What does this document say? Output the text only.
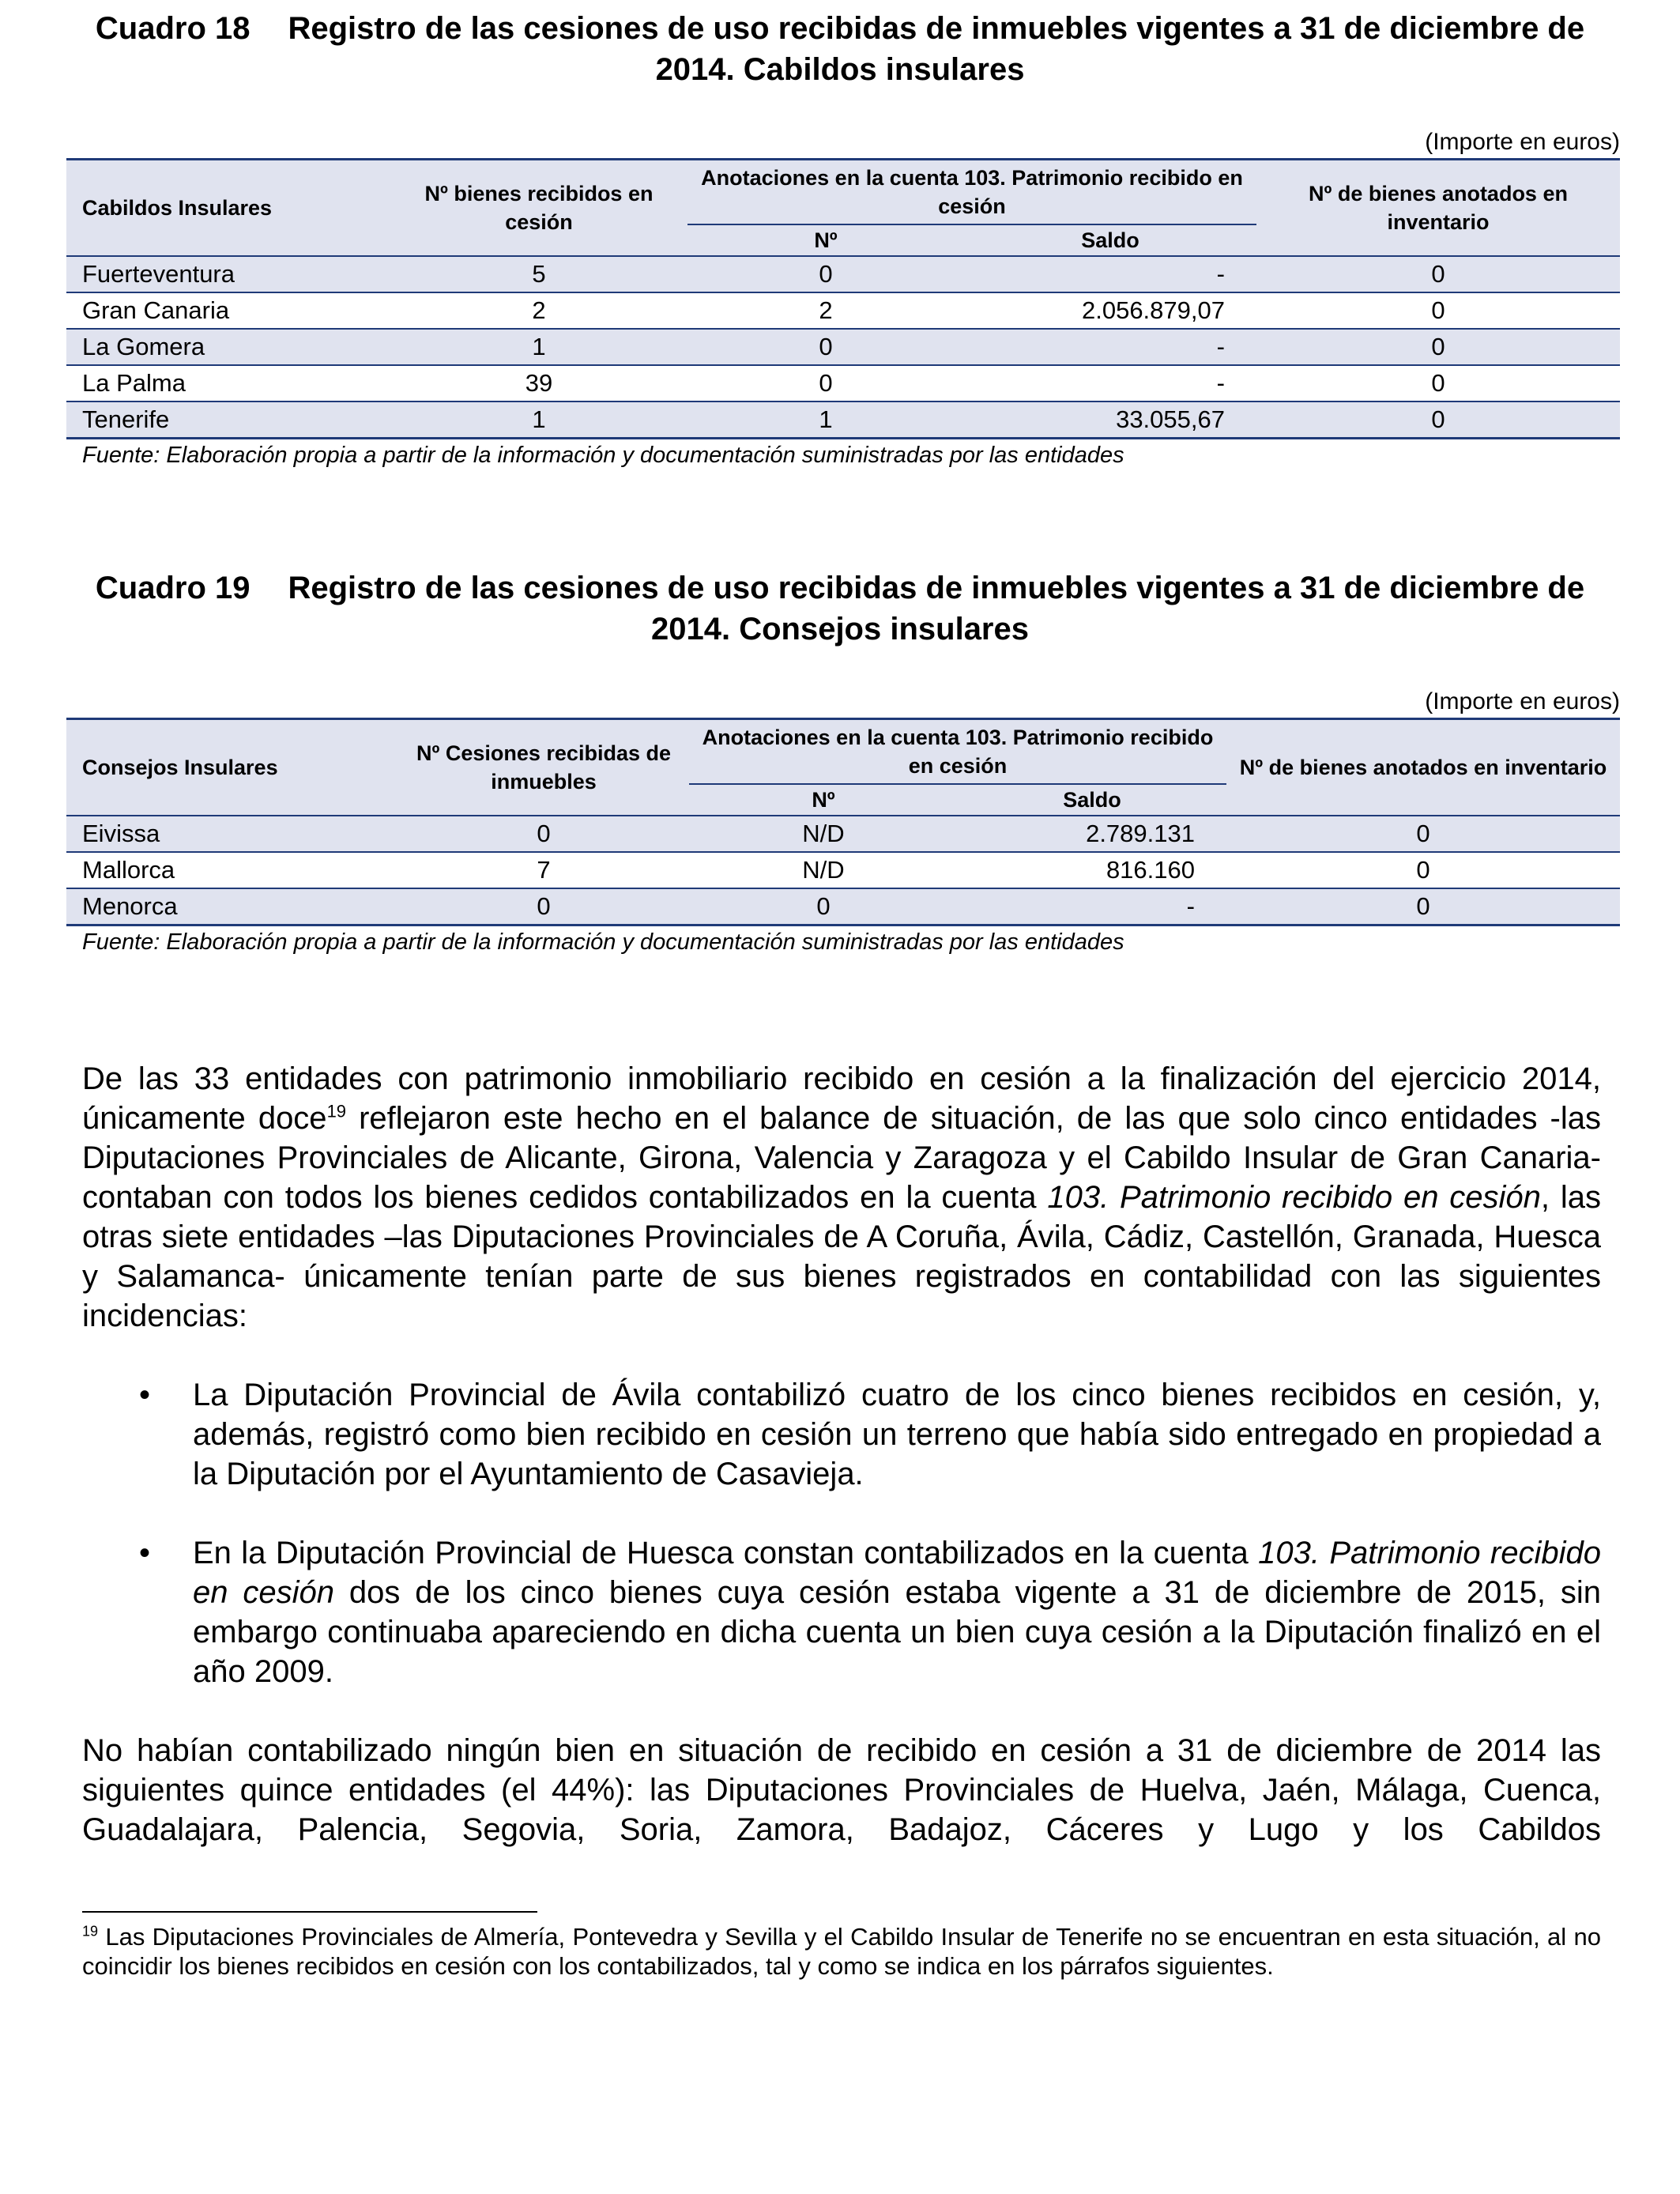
Cuadro 18 Registro de las cesiones de uso recibidas de inmuebles vigentes a 31 de diciembre de 2014. Cabildos insulares
(Importe en euros)
Cabildos Insulares	Nº bienes recibidos en cesión	Anotaciones en la cuenta 103. Patrimonio recibido en cesión		Nº de bienes anotados en inventario
		Nº	Saldo	
Fuerteventura	5	0	-	0
Gran Canaria	2	2	2.056.879,07	0
La Gomera	1	0	-	0
La Palma	39	0	-	0
Tenerife	1	1	33.055,67	0
Fuente: Elaboración propia a partir de la información y documentación suministradas por las entidades
Cuadro 19 Registro de las cesiones de uso recibidas de inmuebles vigentes a 31 de diciembre de 2014. Consejos insulares
(Importe en euros)
Consejos Insulares	Nº Cesiones recibidas de inmuebles	Anotaciones en la cuenta 103. Patrimonio recibido en cesión		Nº de bienes anotados en inventario
		Nº	Saldo	
Eivissa	0	N/D	2.789.131	0
Mallorca	7	N/D	816.160	0
Menorca	0	0	-	0
Fuente: Elaboración propia a partir de la información y documentación suministradas por las entidades

De las 33 entidades con patrimonio inmobiliario recibido en cesión a la finalización del ejercicio 2014, únicamente doce$^{19}$ reflejaron este hecho en el balance de situación, de las que solo cinco entidades -las Diputaciones Provinciales de Alicante, Girona, Valencia y Zaragoza y el Cabildo Insular de Gran Canaria- contaban con todos los bienes cedidos contabilizados en la cuenta 103. Patrimonio recibido en cesión, las otras siete entidades –las Diputaciones Provinciales de A Coruña, Ávila, Cádiz, Castellón, Granada, Huesca y Salamanca- únicamente tenían parte de sus bienes registrados en contabilidad con las siguientes incidencias:

• La Diputación Provincial de Ávila contabilizó cuatro de los cinco bienes recibidos en cesión, y, además, registró como bien recibido en cesión un terreno que había sido entregado en propiedad a la Diputación por el Ayuntamiento de Casavieja.
• En la Diputación Provincial de Huesca constan contabilizados en la cuenta 103. Patrimonio recibido en cesión dos de los cinco bienes cuya cesión estaba vigente a 31 de diciembre de 2015, sin embargo continuaba apareciendo en dicha cuenta un bien cuya cesión a la Diputación finalizó en el año 2009.

No habían contabilizado ningún bien en situación de recibido en cesión a 31 de diciembre de 2014 las siguientes quince entidades (el 44%): las Diputaciones Provinciales de Huelva, Jaén, Málaga, Cuenca, Guadalajara, Palencia, Segovia, Soria, Zamora, Badajoz, Cáceres y Lugo y los Cabildos

$^{19}$ Las Diputaciones Provinciales de Almería, Pontevedra y Sevilla y el Cabildo Insular de Tenerife no se encuentran en esta situación, al no coincidir los bienes recibidos en cesión con los contabilizados, tal y como se indica en los párrafos siguientes.
